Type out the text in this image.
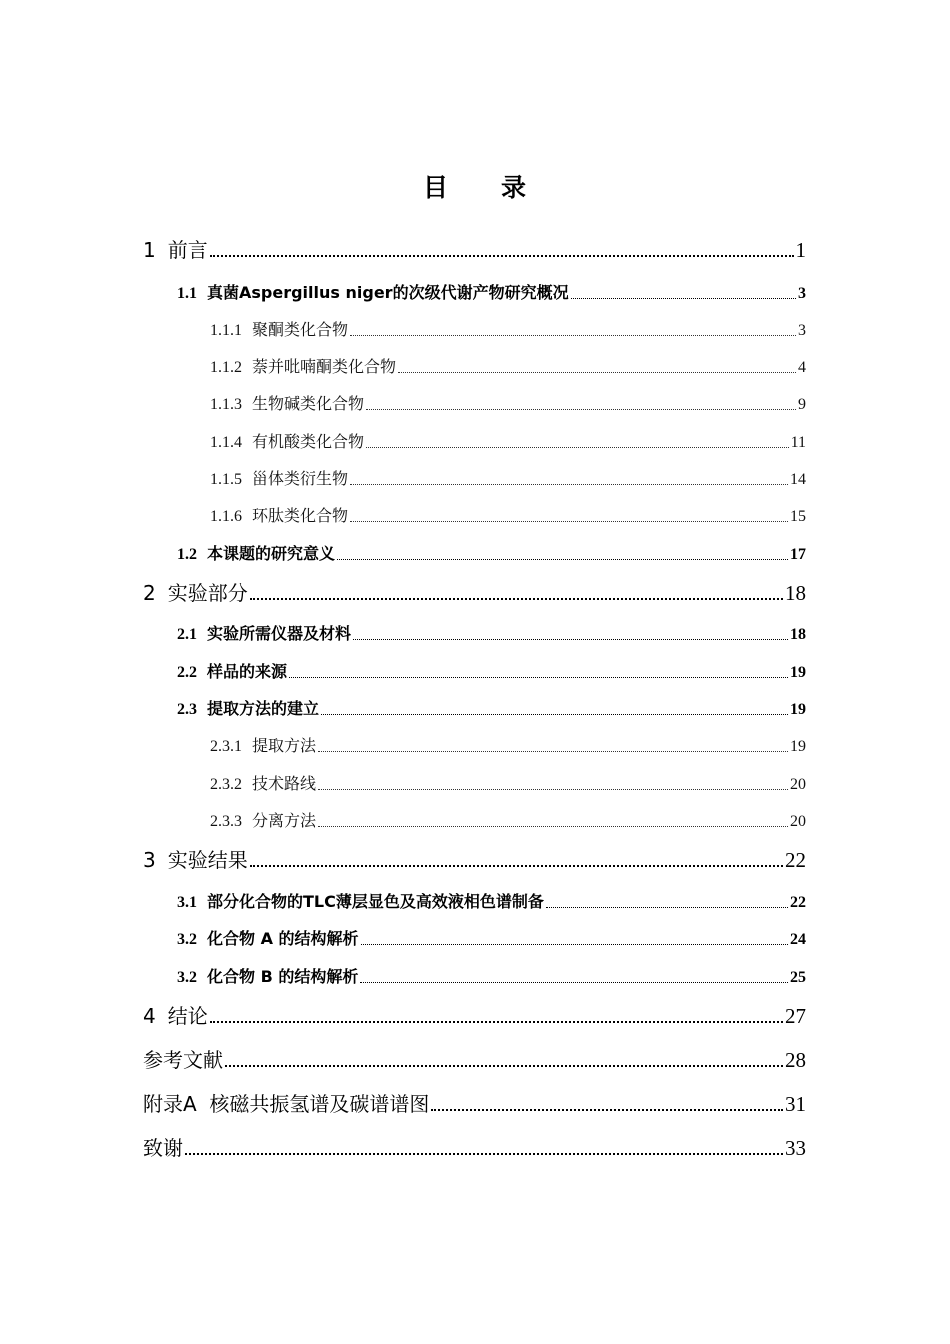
目 录
1 前言	1
1.1 真菌Aspergillus niger的次级代谢产物研究概况	3
1.1.1 聚酮类化合物	3
1.1.2 萘并吡喃酮类化合物	4
1.1.3 生物碱类化合物	9
1.1.4 有机酸类化合物	11
1.1.5 甾体类衍生物	14
1.1.6 环肽类化合物	15
1.2 本课题的研究意义	17
2 实验部分	18
2.1 实验所需仪器及材料	18
2.2 样品的来源	19
2.3 提取方法的建立	19
2.3.1 提取方法	19
2.3.2 技术路线	20
2.3.3 分离方法	20
3 实验结果	22
3.1 部分化合物的TLC薄层显色及高效液相色谱制备	22
3.2 化合物 A 的结构解析	24
3.2 化合物 B 的结构解析	25
4 结论	27
参考文献	28
附录A  核磁共振氢谱及碳谱谱图	31
致谢	33
